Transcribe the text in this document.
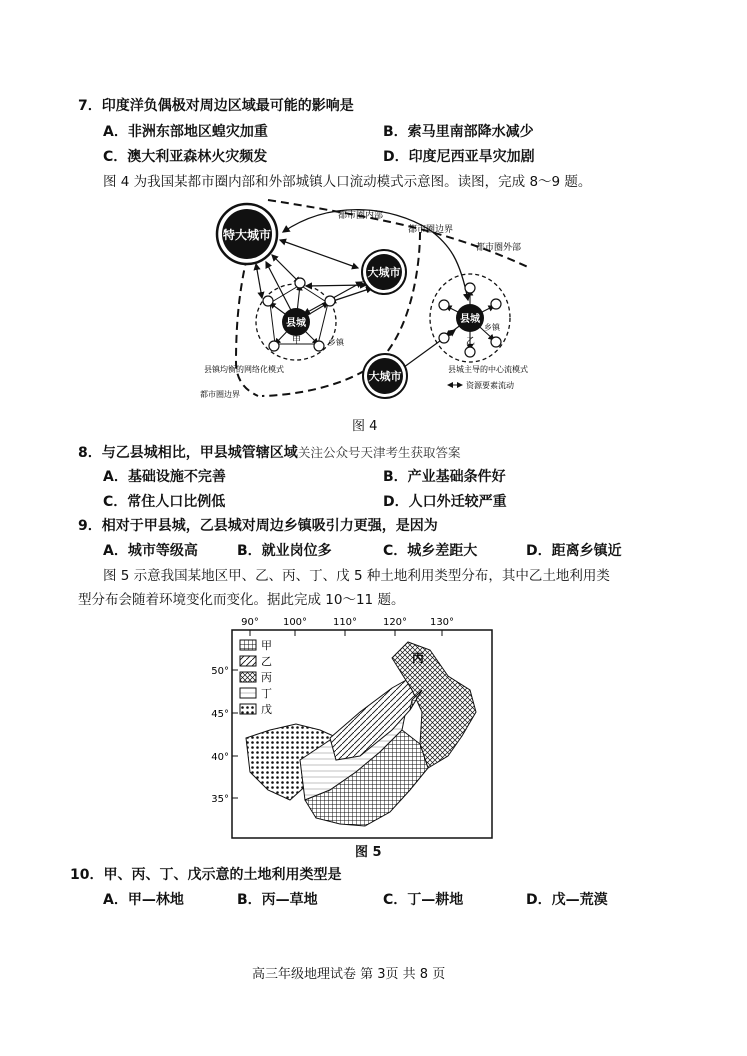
7．印度洋负偶极对周边区域最可能的影响是
A．非洲东部地区蝗灾加重	B．索马里南部降水减少
C．澳大利亚森林火灾频发	D．印度尼西亚旱灾加剧
图 4 为我国某都市圈内部和外部城镇人口流动模式示意图。读图，完成 8～9 题。
特大城市
大城市
大城市
县城
甲	乡镇
县城
乙
乡镇
都市圈内部
都市圈边界
都市圈外部
县镇均衡的网络化模式	县城主导的中心流模式
资源要素流动
都市圈边界
图 4
8．与乙县城相比，甲县城管辖区域 关注公众号天津考生获取答案
A．基础设施不完善	B．产业基础条件好
C．常住人口比例低	D．人口外迁较严重
9．相对于甲县城，乙县城对周边乡镇吸引力更强，是因为
A．城市等级高	B．就业岗位多	C．城乡差距大	D．距离乡镇近
图 5 示意我国某地区甲、乙、丙、丁、戊 5 种土地利用类型分布，其中乙土地利用类
型分布会随着环境变化而变化。据此完成 10～11 题。
90° 100°	110°	120° 130°
50°
45°
40°
35°
丙
甲
乙
丙
丁
戊
图 5
10．甲、丙、丁、戊示意的土地利用类型是
A．甲—林地	B．丙—草地	C．丁—耕地	D．戊—荒漠
高三年级地理试卷 第 3页 共 8 页
